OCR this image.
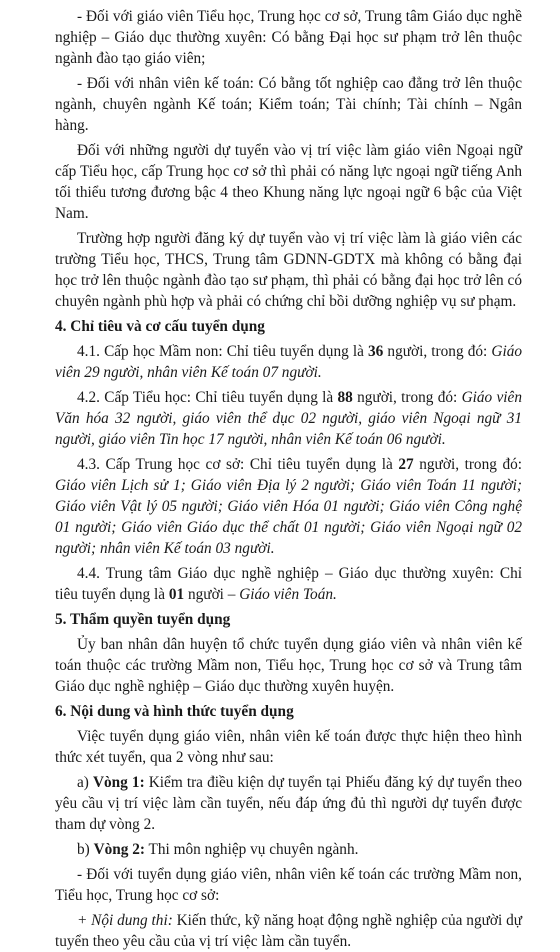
- Đối với giáo viên Tiểu học, Trung học cơ sở, Trung tâm Giáo dục nghề nghiệp – Giáo dục thường xuyên: Có bằng Đại học sư phạm trở lên thuộc ngành đào tạo giáo viên;

- Đối với nhân viên kế toán: Có bằng tốt nghiệp cao đẳng trở lên thuộc ngành, chuyên ngành Kế toán; Kiểm toán; Tài chính; Tài chính – Ngân hàng.

Đối với những người dự tuyển vào vị trí việc làm giáo viên Ngoại ngữ cấp Tiểu học, cấp Trung học cơ sở thì phải có năng lực ngoại ngữ tiếng Anh tối thiểu tương đương bậc 4 theo Khung năng lực ngoại ngữ 6 bậc của Việt Nam.

Trường hợp người đăng ký dự tuyển vào vị trí việc làm là giáo viên các trường Tiểu học, THCS, Trung tâm GDNN-GDTX mà không có bằng đại học trở lên thuộc ngành đào tạo sư phạm, thì phải có bằng đại học trở lên có chuyên ngành phù hợp và phải có chứng chỉ bồi dưỡng nghiệp vụ sư phạm.

4. Chỉ tiêu và cơ cấu tuyển dụng

4.1. Cấp học Mầm non: Chỉ tiêu tuyển dụng là 36 người, trong đó: Giáo viên 29 người, nhân viên Kế toán 07 người.

4.2. Cấp Tiểu học: Chỉ tiêu tuyển dụng là 88 người, trong đó: Giáo viên Văn hóa 32 người, giáo viên thể dục 02 người, giáo viên Ngoại ngữ 31 người, giáo viên Tin học 17 người, nhân viên Kế toán 06 người.

4.3. Cấp Trung học cơ sở: Chỉ tiêu tuyển dụng là 27 người, trong đó: Giáo viên Lịch sử 1; Giáo viên Địa lý 2 người; Giáo viên Toán 11 người; Giáo viên Vật lý 05 người; Giáo viên Hóa 01 người; Giáo viên Công nghệ 01 người; Giáo viên Giáo dục thể chất 01 người; Giáo viên Ngoại ngữ 02 người; nhân viên Kế toán 03 người.

4.4. Trung tâm Giáo dục nghề nghiệp – Giáo dục thường xuyên: Chỉ tiêu tuyển dụng là 01 người – Giáo viên Toán.

5. Thẩm quyền tuyển dụng

Ủy ban nhân dân huyện tổ chức tuyển dụng giáo viên và nhân viên kế toán thuộc các trường Mầm non, Tiểu học, Trung học cơ sở và Trung tâm Giáo dục nghề nghiệp – Giáo dục thường xuyên huyện.

6. Nội dung và hình thức tuyển dụng

Việc tuyển dụng giáo viên, nhân viên kế toán được thực hiện theo hình thức xét tuyển, qua 2 vòng như sau:

a) Vòng 1: Kiểm tra điều kiện dự tuyển tại Phiếu đăng ký dự tuyển theo yêu cầu vị trí việc làm cần tuyển, nếu đáp ứng đủ thì người dự tuyển được tham dự vòng 2.

b) Vòng 2: Thi môn nghiệp vụ chuyên ngành.

- Đối với tuyển dụng giáo viên, nhân viên kế toán các trường Mầm non, Tiểu học, Trung học cơ sở:

+ Nội dung thi: Kiến thức, kỹ năng hoạt động nghề nghiệp của người dự tuyển theo yêu cầu của vị trí việc làm cần tuyển.
